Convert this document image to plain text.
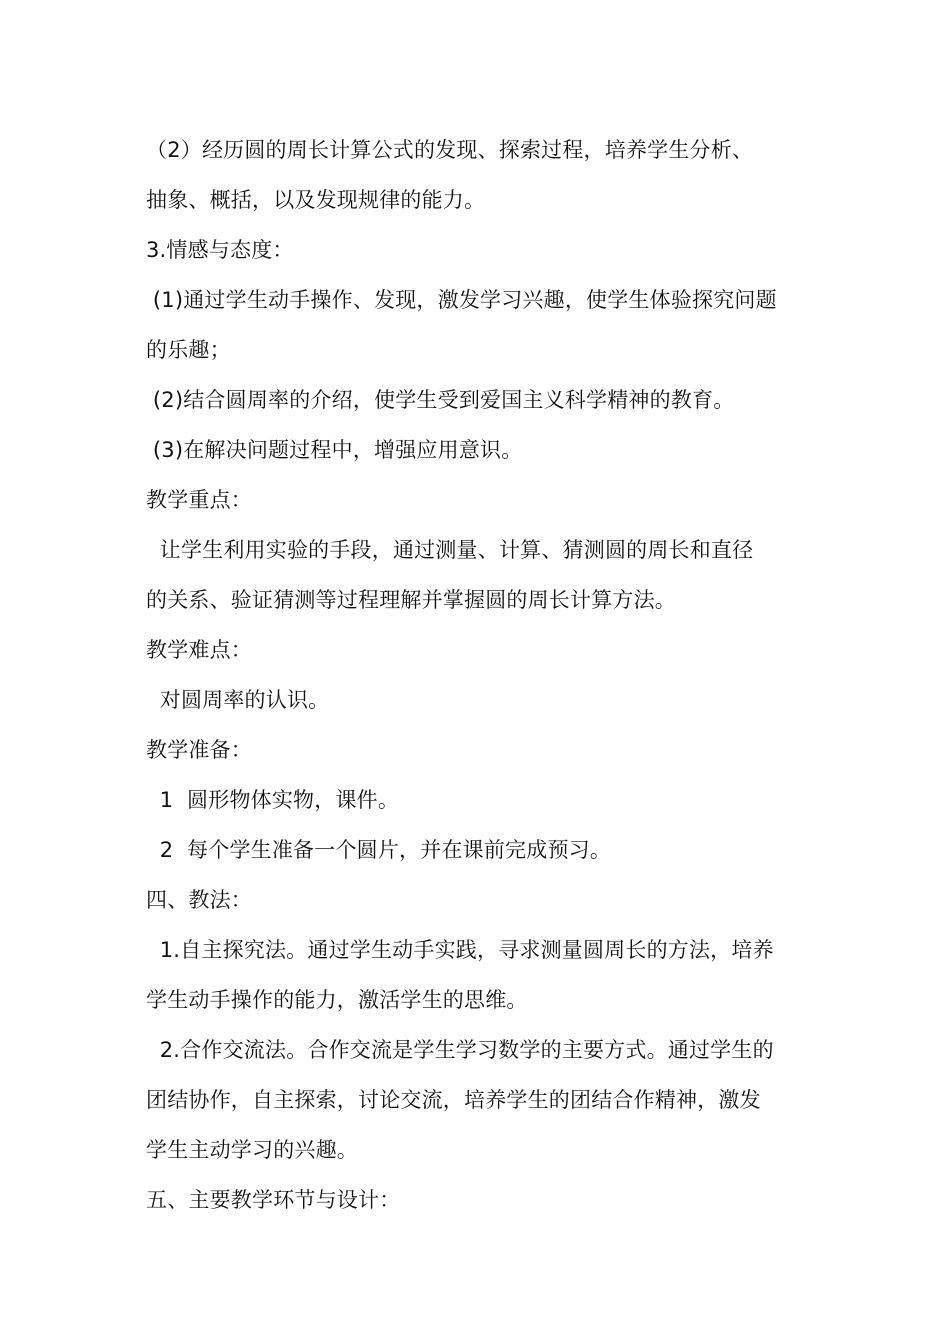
（2）经历圆的周长计算公式的发现、探索过程，培养学生分析、
抽象、概括，以及发现规律的能力。
3.情感与态度：
(1)通过学生动手操作、发现，激发学习兴趣，使学生体验探究问题
的乐趣；
(2)结合圆周率的介绍，使学生受到爱国主义科学精神的教育。
(3)在解决问题过程中，增强应用意识。
教学重点：
让学生利用实验的手段，通过测量、计算、猜测圆的周长和直径
的关系、验证猜测等过程理解并掌握圆的周长计算方法。
教学难点：
对圆周率的认识。
教学准备：
1  圆形物体实物，课件。
2  每个学生准备一个圆片，并在课前完成预习。
四、教法：
1.自主探究法。通过学生动手实践，寻求测量圆周长的方法，培养
学生动手操作的能力，激活学生的思维。
2.合作交流法。合作交流是学生学习数学的主要方式。通过学生的
团结协作，自主探索，讨论交流，培养学生的团结合作精神，激发
学生主动学习的兴趣。
五、主要教学环节与设计：
